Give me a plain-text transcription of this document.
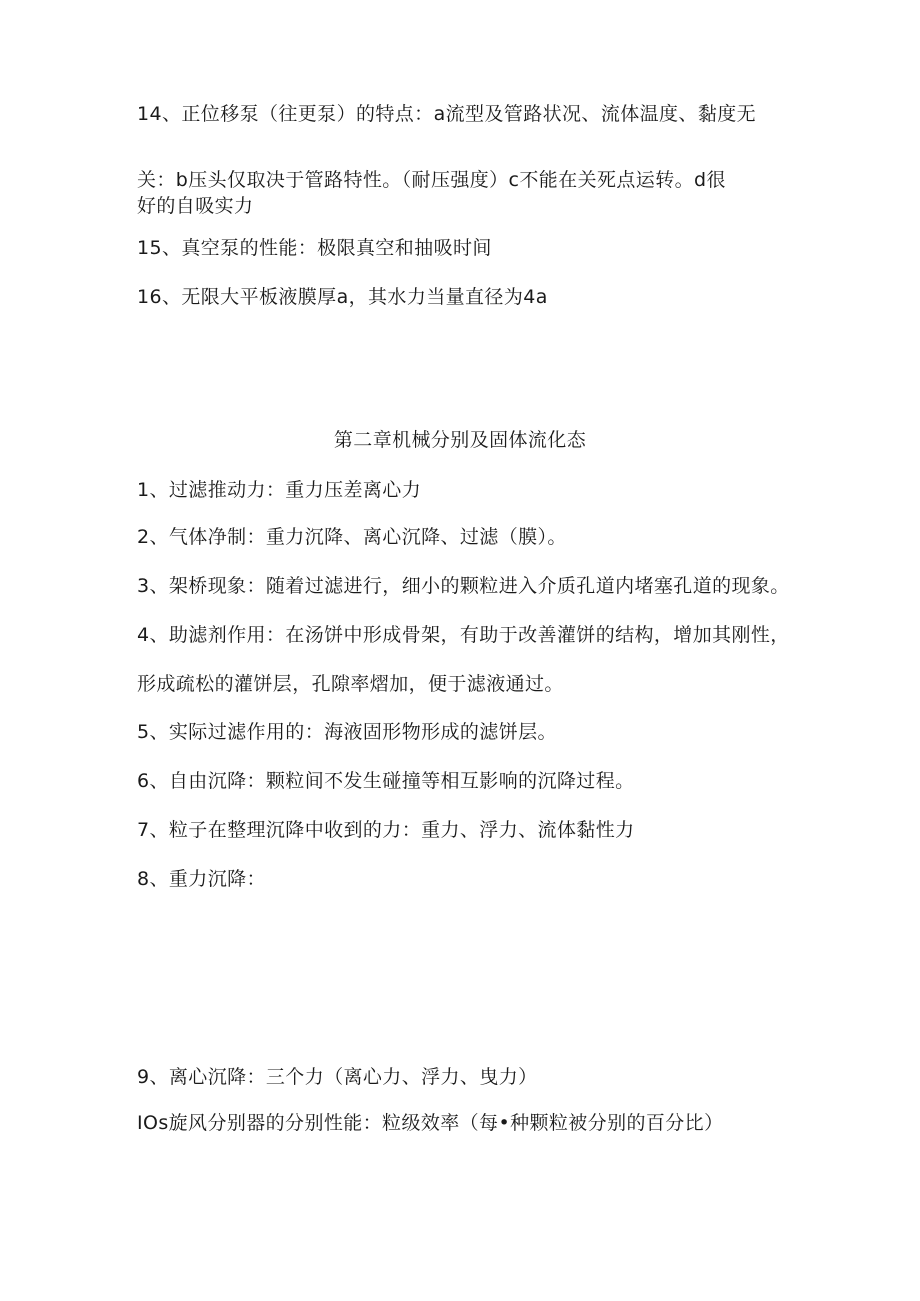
14、正位移泵（往更泵）的特点：a流型及管路状况、流体温度、黏度无
关：b压头仅取决于管路特性。（耐压强度）c不能在关死点运转。d很
好的自吸实力
15、真空泵的性能：极限真空和抽吸时间
16、无限大平板液膜厚a，其水力当量直径为4a
第二章机械分别及固体流化态
1、过滤推动力：重力压差离心力
2、气体净制：重力沉降、离心沉降、过滤（膜）。
3、架桥现象：随着过滤进行，细小的颗粒进入介质孔道内堵塞孔道的现象。
4、助滤剂作用：在汤饼中形成骨架，有助于改善灌饼的结构，增加其刚性，
形成疏松的灌饼层，孔隙率熠加，便于滤液通过。
5、实际过滤作用的：海液固形物形成的滤饼层。
6、自由沉降：颗粒间不发生碰撞等相互影响的沉降过程。
7、粒子在整理沉降中收到的力：重力、浮力、流体黏性力
8、重力沉降：
9、离心沉降：三个力（离心力、浮力、曳力）
IOs旋风分别器的分别性能：粒级效率（每•种颗粒被分别的百分比）
